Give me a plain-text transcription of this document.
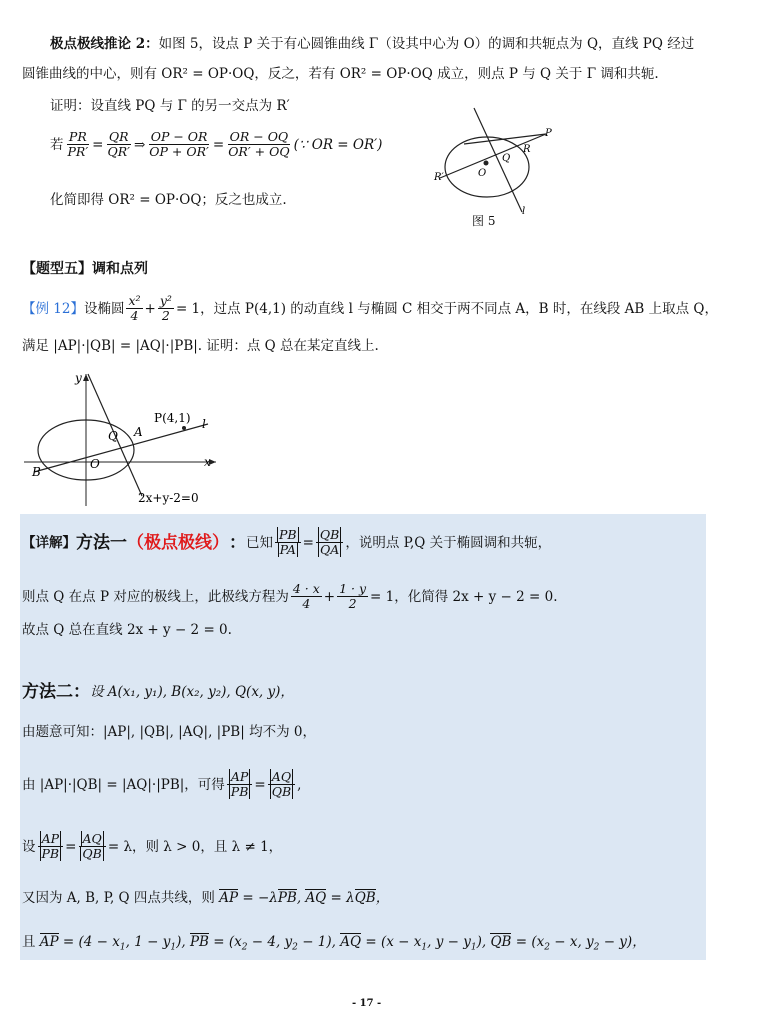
极点极线推论 2：如图 5，设点 P 关于有心圆锥曲线 Γ（设其中心为 O）的调和共轭点为 Q，直线 PQ 经过
圆锥曲线的中心，则有 OR² = OP·OQ，反之，若有 OR² = OP·OQ 成立，则点 P 与 Q 关于 Γ 调和共轭.
证明：设直线 PQ 与 Γ 的另一交点为 R′
若 $\frac{PR}{PR'} = \frac{QR}{QR'}$ ⇒ $\frac{OP - OR}{OP + OR'} = \frac{OR - OQ}{OR' + OQ}$ (∵ OR = OR′)
化简即得 OR² = OP·OQ；反之也成立.
P
Q
R
O
R′
l
图 5
【题型五】调和点列
【例 12】 设椭圆 $\frac{\text{x²}}{4} + \frac{\text{y²}}{2} = 1$，过点 P(4,1) 的动直线 l 与椭圆 C 相交于两不同点 A，B 时，在线段 AB 上取点 Q，
满足 |AP|·|QB| = |AQ|·|PB|. 证明：点 Q 总在某定直线上.
y
x
O
P(4,1) l
Q A
B
2x+y-2=0
【详解】 方法一 （极点极线） ： 已知 $\frac{PB}{PA} = \frac{QB}{QA}$ ，说明点 P,Q 关于椭圆调和共轭，
则点 Q 在点 P 对应的极线上，此极线方程为 $\frac{4 \cdot x}{4} + \frac{1 \cdot y}{2} = 1$，化简得 2x + y − 2 = 0.
故点 Q 总在直线 2x + y − 2 = 0.
方法二： 设 A(x₁, y₁), B(x₂, y₂), Q(x, y)，
由题意可知：|AP|, |QB|, |AQ|, |PB| 均不为 0，
由 |AP|·|QB| = |AQ|·|PB|，可得 $\frac{AP}{PB} = \frac{AQ}{QB}$ ,
设 $\frac{AP}{PB} = \frac{AQ}{QB} = \lambda$，则 λ > 0，且 λ ≠ 1，
又因为 A, B, P, Q 四点共线，则 AP = −λPB, AQ = λQB，
且 AP = ($4 - x_1$, $1 - y_1$), PB = ($x_2 - 4$, $y_2 - 1$), AQ = ($x - x_1$, $y - y_1$), QB = ($x_2 - x$, $y_2 - y$)，
- 17 -
